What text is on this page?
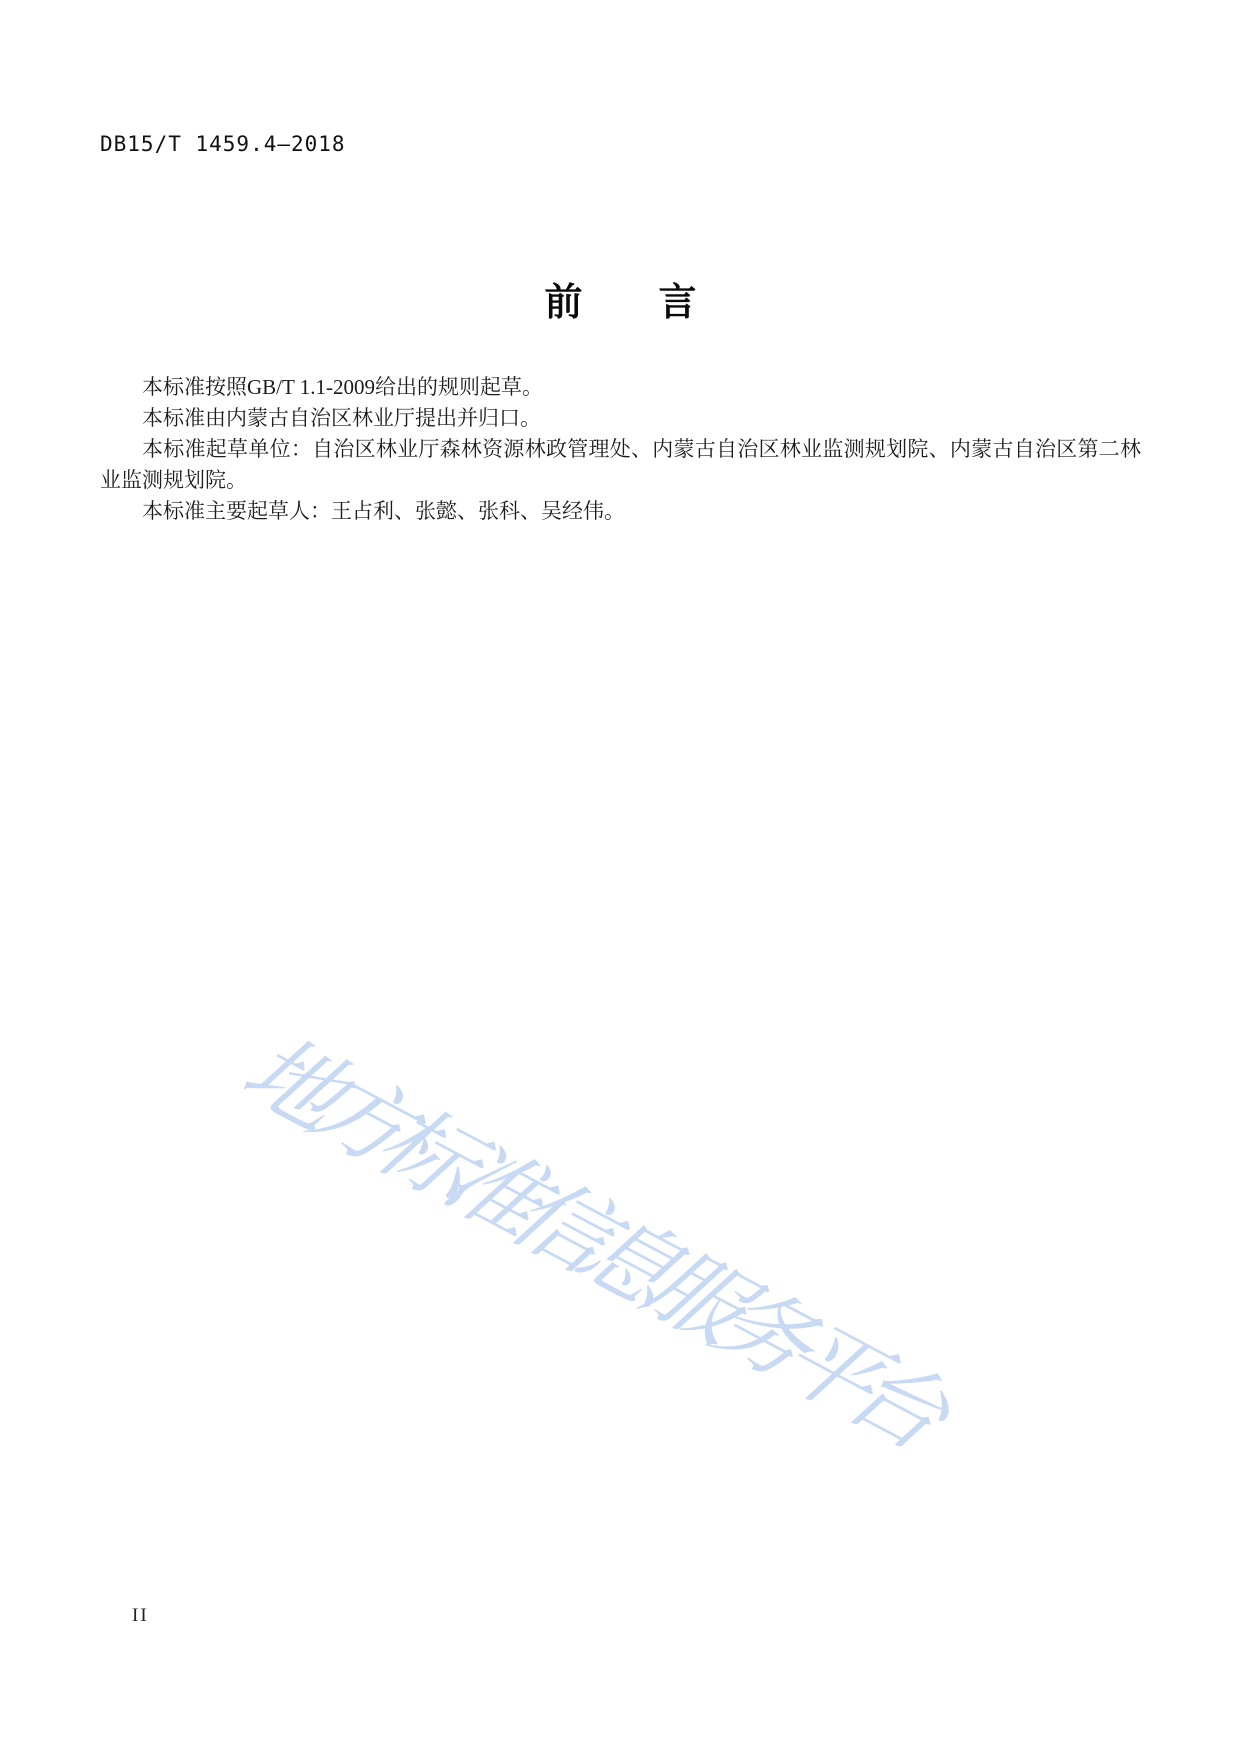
DB15/T 1459.4—2018
前　　言

本标准按照GB/T 1.1-2009给出的规则起草。

本标准由内蒙古自治区林业厅提出并归口。

本标准起草单位：自治区林业厅森林资源林政管理处、内蒙古自治区林业监测规划院、内蒙古自治区第二林业监测规划院。

本标准主要起草人：王占利、张懿、张科、吴经伟。

地方标准信息服务平台
II
